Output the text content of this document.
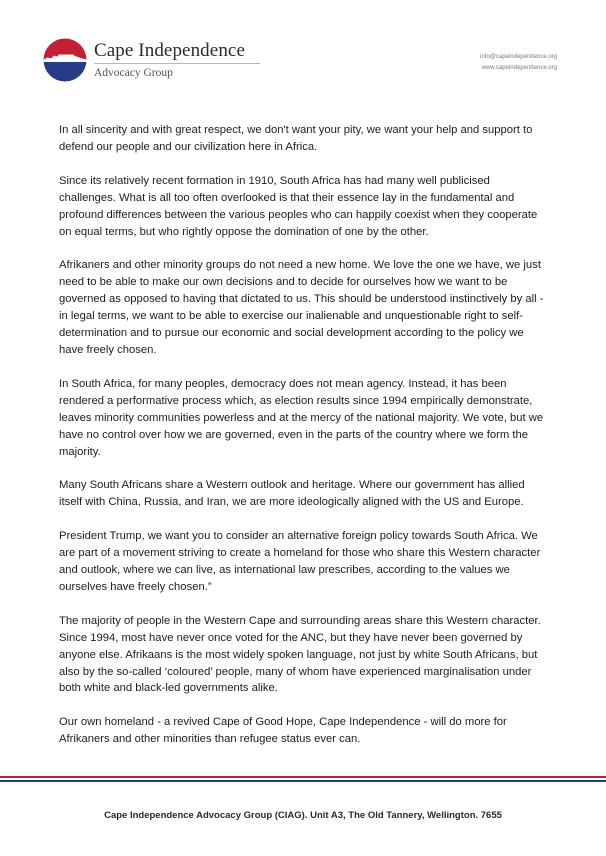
Cape Independence
Advocacy Group
info@capeindependence.org
www.capeindependence.org

In all sincerity and with great respect, we don't want your pity, we want your help and support to defend our people and our civilization here in Africa.

Since its relatively recent formation in 1910, South Africa has had many well publicised challenges. What is all too often overlooked is that their essence lay in the fundamental and profound differences between the various peoples who can happily coexist when they cooperate on equal terms, but who rightly oppose the domination of one by the other.

Afrikaners and other minority groups do not need a new home. We love the one we have, we just need to be able to make our own decisions and to decide for ourselves how we want to be governed as opposed to having that dictated to us. This should be understood instinctively by all - in legal terms, we want to be able to exercise our inalienable and unquestionable right to self-determination and to pursue our economic and social development according to the policy we have freely chosen.

In South Africa, for many peoples, democracy does not mean agency. Instead, it has been rendered a performative process which, as election results since 1994 empirically demonstrate, leaves minority communities powerless and at the mercy of the national majority. We vote, but we have no control over how we are governed, even in the parts of the country where we form the majority.

Many South Africans share a Western outlook and heritage. Where our government has allied itself with China, Russia, and Iran, we are more ideologically aligned with the US and Europe.

President Trump, we want you to consider an alternative foreign policy towards South Africa. We are part of a movement striving to create a homeland for those who share this Western character and outlook, where we can live, as international law prescribes, according to the values we ourselves have freely chosen.”

The majority of people in the Western Cape and surrounding areas share this Western character. Since 1994, most have never once voted for the ANC, but they have never been governed by anyone else. Afrikaans is the most widely spoken language, not just by white South Africans, but also by the so-called ‘coloured’ people, many of whom have experienced marginalisation under both white and black-led governments alike.

Our own homeland - a revived Cape of Good Hope, Cape Independence - will do more for Afrikaners and other minorities than refugee status ever can.

Cape Independence Advocacy Group (CIAG). Unit A3, The Old Tannery, Wellington. 7655
